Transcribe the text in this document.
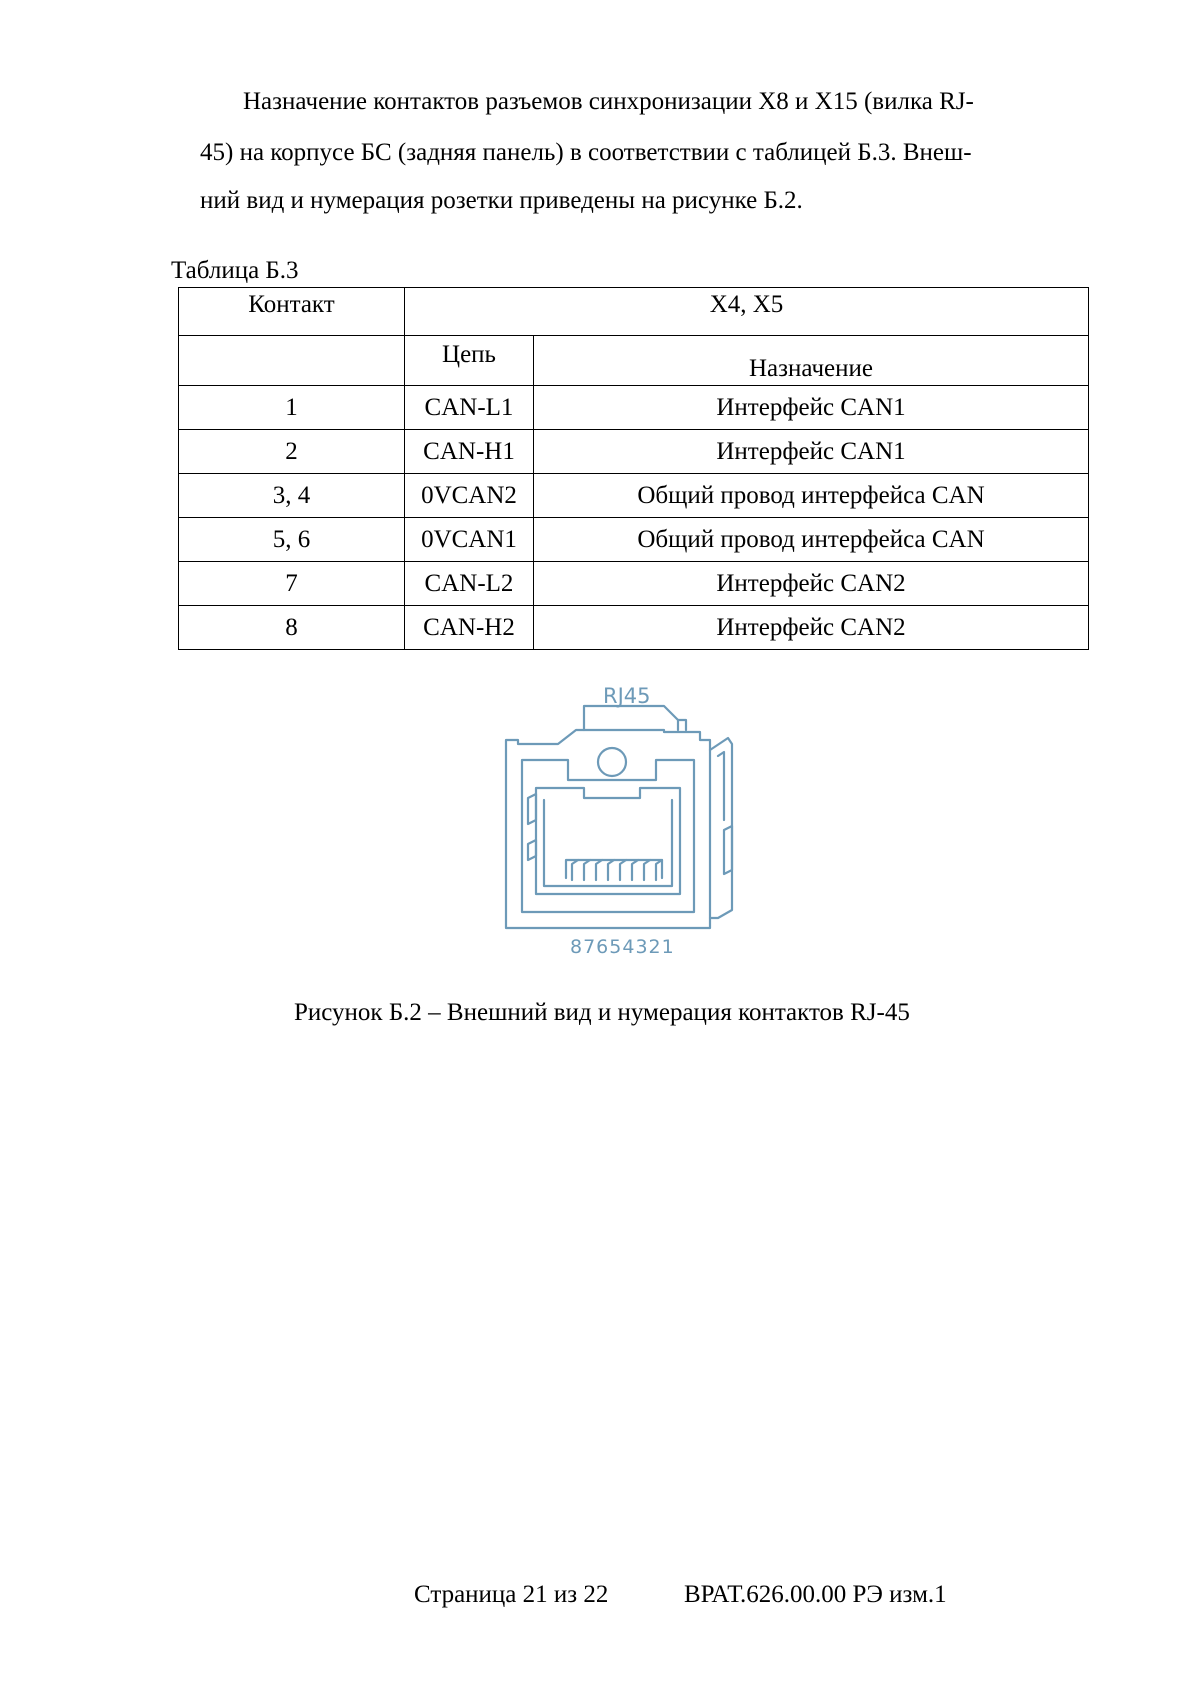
Назначение контактов разъемов синхронизации X8 и X15 (вилка RJ-
45) на корпусе БС (задняя панель) в соответствии с таблицей Б.3. Внеш-
ний вид и нумерация розетки приведены на рисунке Б.2.
Таблица Б.3
Контакт	X4, X5	
	Цепь	Назначение
1	CAN-L1	Интерфейс CAN1
2	CAN-H1	Интерфейс CAN1
3, 4	0VCAN2	Общий провод интерфейса CAN
5, 6	0VCAN1	Общий провод интерфейса CAN
7	CAN-L2	Интерфейс CAN2
8	CAN-H2	Интерфейс CAN2
RJ45
87654321
Рисунок Б.2 – Внешний вид и нумерация контактов RJ-45
Страница 21 из 22	ВРАТ.626.00.00 РЭ изм.1
